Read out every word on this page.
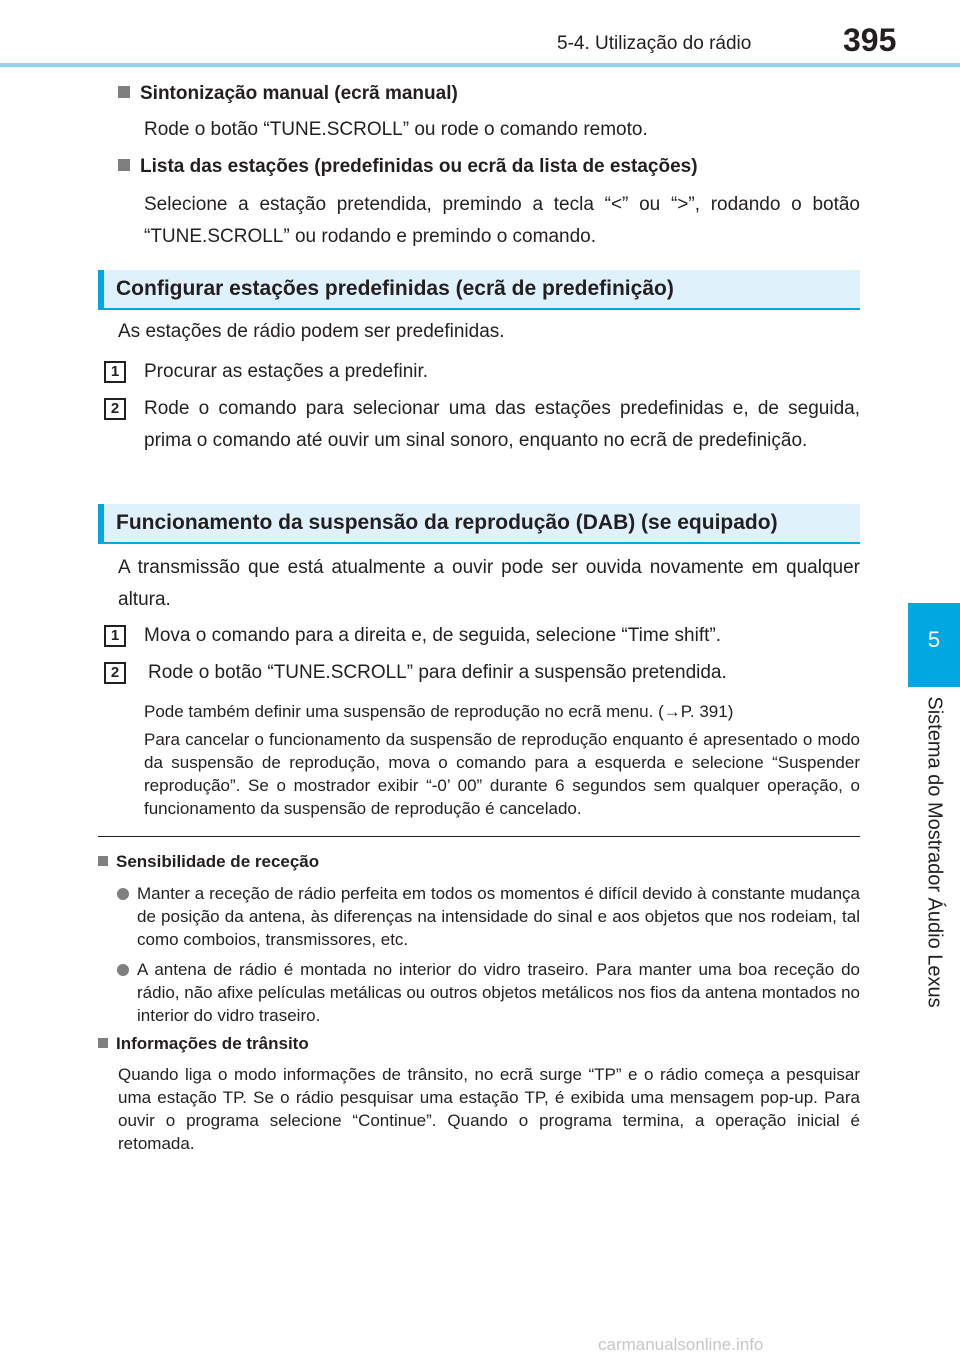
5-4. Utilização do rádio	395
5
Sistema do Mostrador Áudio Lexus
Sintonização manual (ecrã manual)
Rode o botão “TUNE.SCROLL” ou rode o comando remoto.
Lista das estações (predefinidas ou ecrã da lista de estações)
Selecione a estação pretendida, premindo a tecla “<” ou “>”, rodando o botão “TUNE.SCROLL” ou rodando e premindo o comando.
Configurar estações predefinidas (ecrã de predefinição)
As estações de rádio podem ser predefinidas.
1	Procurar as estações a predefinir.
2	Rode o comando para selecionar uma das estações predefinidas e, de seguida, prima o comando até ouvir um sinal sonoro, enquanto no ecrã de predefinição.
Funcionamento da suspensão da reprodução (DAB) (se equipado)
A transmissão que está atualmente a ouvir pode ser ouvida novamente em qualquer altura.
1	Mova o comando para a direita e, de seguida, selecione “Time shift”.
2	Rode o botão “TUNE.SCROLL” para definir a suspensão pretendida.
Pode também definir uma suspensão de reprodução no ecrã menu. (→P. 391)
Para cancelar o funcionamento da suspensão de reprodução enquanto é apresentado o modo da suspensão de reprodução, mova o comando para a esquerda e selecione “Suspender reprodução”. Se o mostrador exibir “-0’ 00” durante 6 segundos sem qualquer operação, o funcionamento da suspensão de reprodução é cancelado.
Sensibilidade de receção
Manter a receção de rádio perfeita em todos os momentos é difícil devido à constante mudança de posição da antena, às diferenças na intensidade do sinal e aos objetos que nos rodeiam, tal como comboios, transmissores, etc.
A antena de rádio é montada no interior do vidro traseiro. Para manter uma boa receção do rádio, não afixe películas metálicas ou outros objetos metálicos nos fios da antena montados no interior do vidro traseiro.
Informações de trânsito
Quando liga o modo informações de trânsito, no ecrã surge “TP” e o rádio começa a pesquisar uma estação TP. Se o rádio pesquisar uma estação TP, é exibida uma mensagem pop-up. Para ouvir o programa selecione “Continue”. Quando o programa termina, a operação inicial é retomada.
carmanualsonline.info
